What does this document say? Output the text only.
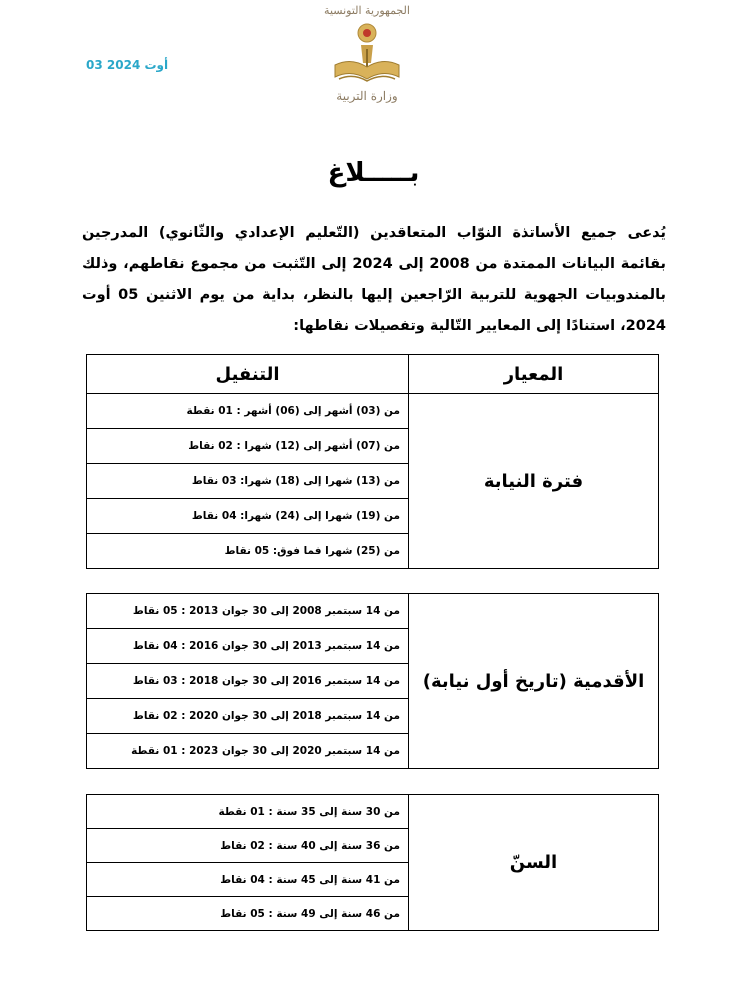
03 أوت 2024
الجمهورية التونسية
وزارة التربية
بـــــلاغ
يُدعى جميع الأساتذة النوّاب المتعاقدين (التّعليم الإعدادي والثّانوي) المدرجين بقائمة البيانات الممتدة من 2008 إلى 2024 إلى التّثبت من مجموع نقاطهم، وذلك بالمندوبيات الجهوية للتربية الرّاجعين إليها بالنظر، بداية من يوم الاثنين 05 أوت 2024، استنادًا إلى المعايير التّالية وتفصيلات نقاطها:
المعيار	التنفيل
فترة النيابة	من (03) أشهر إلى (06) أشهر : 01 نقطة
	من (07) أشهر إلى (12) شهرا : 02 نقاط
	من (13) شهرا إلى (18) شهرا: 03 نقاط
	من (19) شهرا إلى (24) شهرا: 04 نقاط
	من (25) شهرا فما فوق: 05 نقاط
الأقدمية (تاريخ أول نيابة)	من 14 سبتمبر 2008 إلى 30 جوان 2013 : 05 نقاط
من 14 سبتمبر 2013 إلى 30 جوان 2016 : 04 نقاط
من 14 سبتمبر 2016 إلى 30 جوان 2018 : 03 نقاط
من 14 سبتمبر 2018 إلى 30 جوان 2020 : 02 نقاط
من 14 سبتمبر 2020 إلى 30 جوان 2023 : 01 نقطة
السنّ	من 30 سنة إلى 35 سنة : 01 نقطة
من 36 سنة إلى 40 سنة : 02 نقاط
من 41 سنة إلى 45 سنة : 04 نقاط
من 46 سنة إلى 49 سنة : 05 نقاط
